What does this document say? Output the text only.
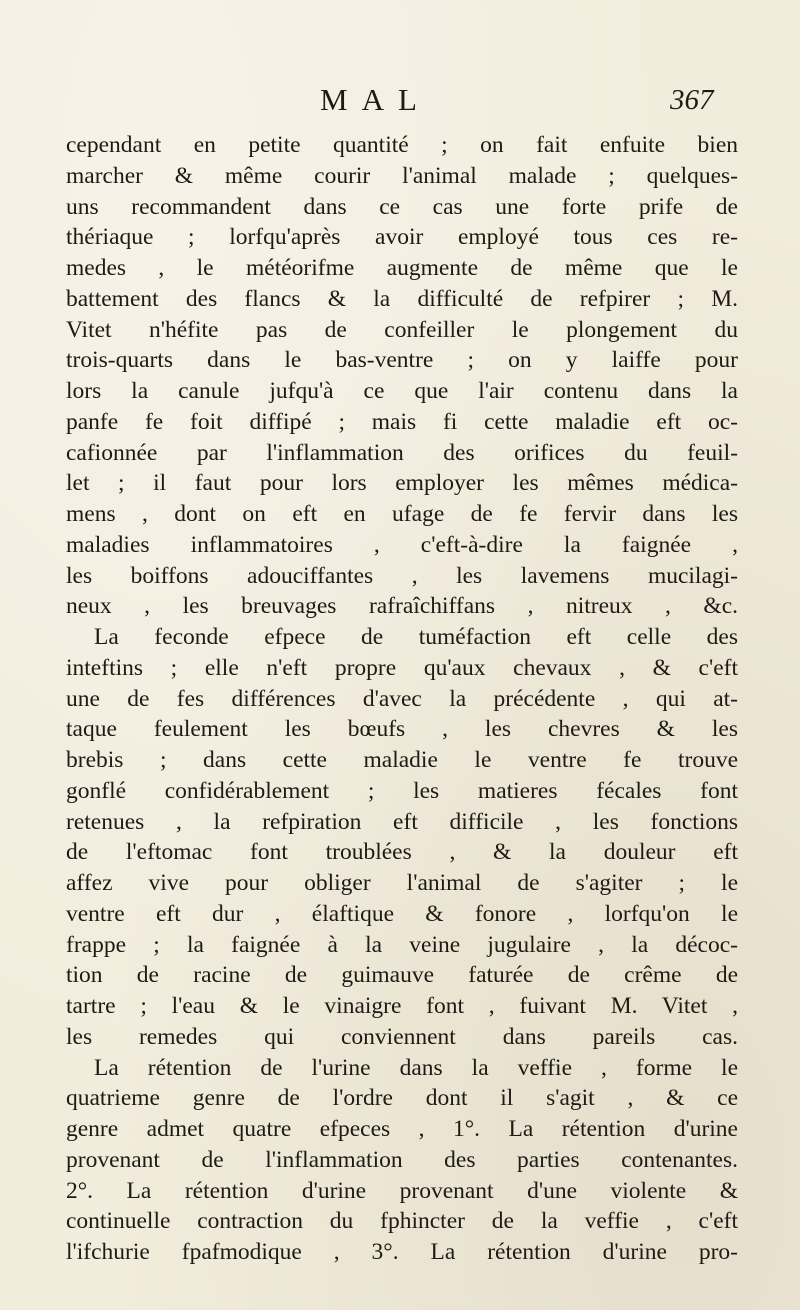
MAL	367
cependant en petite quantité ; on fait enfuite bien
marcher & même courir l'animal malade ; quelques-
uns recommandent dans ce cas une forte prife de
thériaque ; lorfqu'après avoir employé tous ces re-
medes , le météorifme augmente de même que le
battement des flancs & la difficulté de refpirer ; M.
Vitet n'héfite pas de confeiller le plongement du
trois-quarts dans le bas-ventre ; on y laiffe pour
lors la canule jufqu'à ce que l'air contenu dans la
panfe fe foit diffipé ; mais fi cette maladie eft oc-
cafionnée par l'inflammation des orifices du feuil-
let ; il faut pour lors employer les mêmes médica-
mens , dont on eft en ufage de fe fervir dans les
maladies inflammatoires , c'eft-à-dire la faignée ,
les boiffons adouciffantes , les lavemens mucilagi-
neux , les breuvages rafraîchiffans , nitreux , &c.
La feconde efpece de tuméfaction eft celle des
inteftins ; elle n'eft propre qu'aux chevaux , & c'eft
une de fes différences d'avec la précédente , qui at-
taque feulement les bœufs , les chevres & les
brebis ; dans cette maladie le ventre fe trouve
gonflé confidérablement ; les matieres fécales font
retenues , la refpiration eft difficile , les fonctions
de l'eftomac font troublées , & la douleur eft
affez vive pour obliger l'animal de s'agiter ; le
ventre eft dur , élaftique & fonore , lorfqu'on le
frappe ; la faignée à la veine jugulaire , la décoc-
tion de racine de guimauve faturée de crême de
tartre ; l'eau & le vinaigre font , fuivant M. Vitet ,
les remedes qui conviennent dans pareils cas.
La rétention de l'urine dans la veffie , forme le
quatrieme genre de l'ordre dont il s'agit , & ce
genre admet quatre efpeces , 1°. La rétention d'urine
provenant de l'inflammation des parties contenantes.
2°. La rétention d'urine provenant d'une violente &
continuelle contraction du fphincter de la veffie , c'eft
l'ifchurie fpafmodique , 3°. La rétention d'urine pro-
